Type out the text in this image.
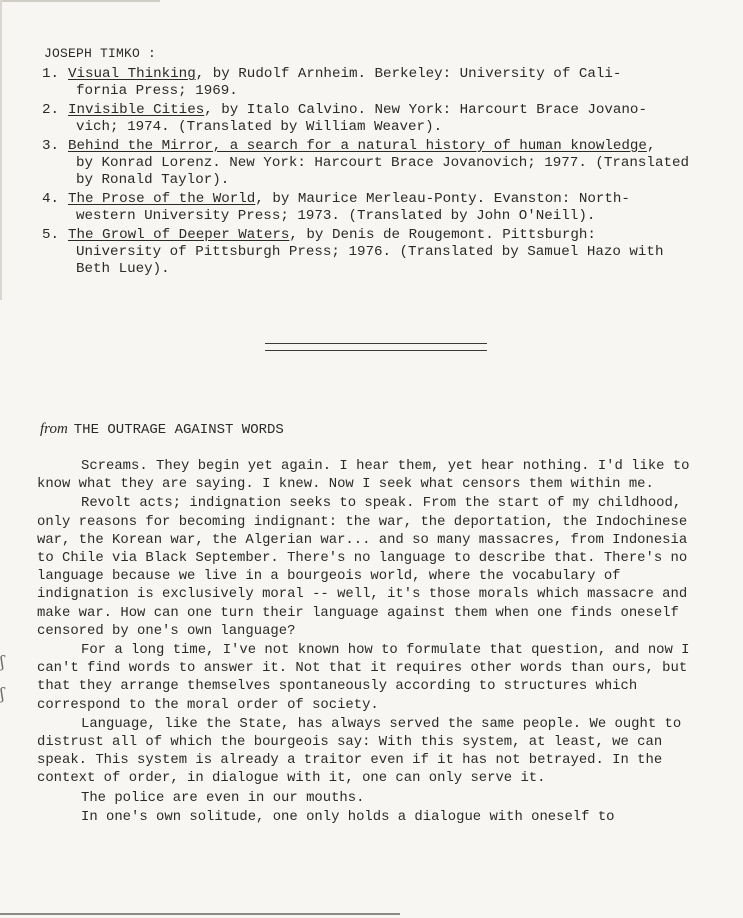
JOSEPH TIMKO :
1. Visual Thinking, by Rudolf Arnheim. Berkeley: University of Cali-
fornia Press; 1969.
2. Invisible Cities, by Italo Calvino. New York: Harcourt Brace Jovano-
vich; 1974. (Translated by William Weaver).
3. Behind the Mirror, a search for a natural history of human knowledge,
by Konrad Lorenz. New York: Harcourt Brace Jovanovich; 1977. (Translated by Ronald Taylor).
4. The Prose of the World, by Maurice Merleau-Ponty. Evanston: North-
western University Press; 1973. (Translated by John O'Neill).
5. The Growl of Deeper Waters, by Denis de Rougemont. Pittsburgh:
University of Pittsburgh Press; 1976. (Translated by Samuel Hazo with Beth Luey).
from THE OUTRAGE AGAINST WORDS

Screams. They begin yet again. I hear them, yet hear nothing. I'd like to know what they are saying. I knew. Now I seek what censors them within me.

Revolt acts; indignation seeks to speak. From the start of my childhood, only reasons for becoming indignant: the war, the deportation, the Indochinese war, the Korean war, the Algerian war... and so many massacres, from Indonesia to Chile via Black September. There's no language to describe that. There's no language because we live in a bourgeois world, where the vocabulary of indignation is exclusively moral -- well, it's those morals which massacre and make war. How can one turn their language against them when one finds oneself censored by one's own language?

For a long time, I've not known how to formulate that question, and now I can't find words to answer it. Not that it requires other words than ours, but that they arrange themselves spontaneously according to structures which correspond to the moral order of society.

Language, like the State, has always served the same people. We ought to distrust all of which the bourgeois say: With this system, at least, we can speak. This system is already a traitor even if it has not betrayed. In the context of order, in dialogue with it, one can only serve it.

The police are even in our mouths.

In one's own solitude, one only holds a dialogue with oneself to

ʃ
ʃ
